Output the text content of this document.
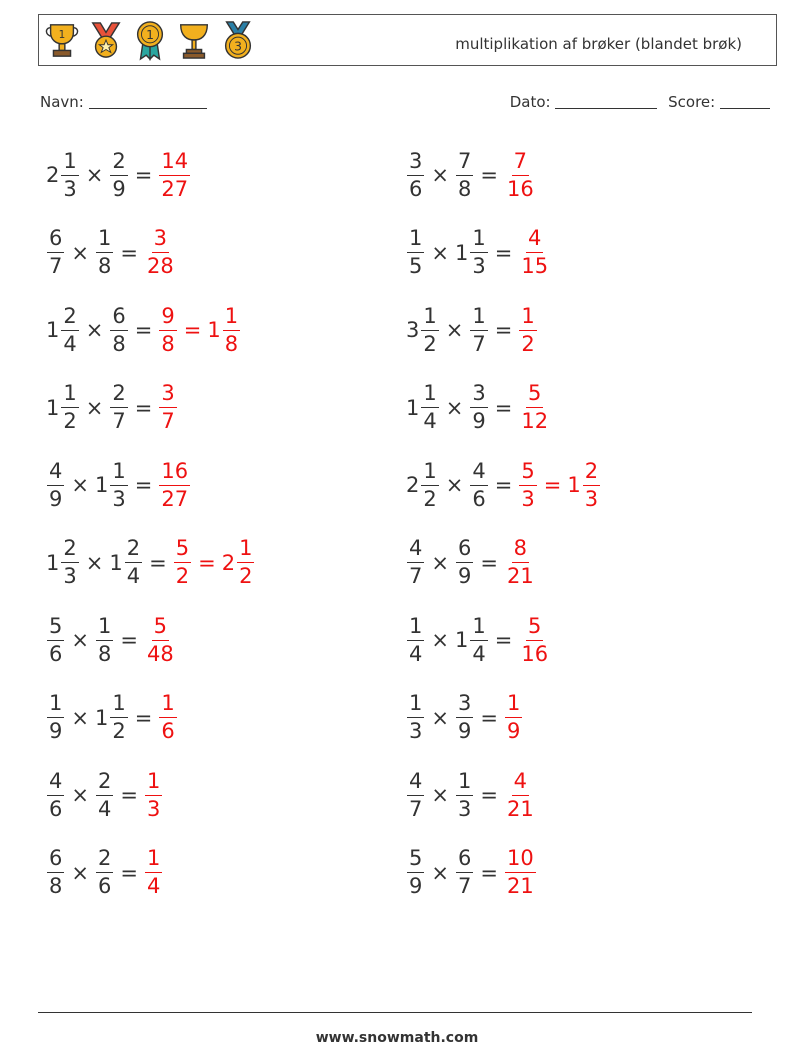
1	1
3	multiplikation af brøker (blandet brøk)
Navn:	Dato:	Score:
$2 \frac{1}{3} \times \frac{2}{9} = \frac{14}{27}$	$\frac{3}{6} \times \frac{7}{8} = \frac{7}{16}$
$\frac{6}{7} \times \frac{1}{8} = \frac{3}{28}$	$\frac{1}{5} \times 1 \frac{1}{3} = \frac{4}{15}$
$1 \frac{2}{4} \times \frac{6}{8} = \frac{9}{8} = 1 \frac{1}{8}$	$3 \frac{1}{2} \times \frac{1}{7} = \frac{1}{2}$
$1 \frac{1}{2} \times \frac{2}{7} = \frac{3}{7}$	$1 \frac{1}{4} \times \frac{3}{9} = \frac{5}{12}$
$\frac{4}{9} \times 1 \frac{1}{3} = \frac{16}{27}$	$2 \frac{1}{2} \times \frac{4}{6} = \frac{5}{3} = 1 \frac{2}{3}$
$1 \frac{2}{3} \times 1 \frac{2}{4} = \frac{5}{2} = 2 \frac{1}{2}$	$\frac{4}{7} \times \frac{6}{9} = \frac{8}{21}$
$\frac{5}{6} \times \frac{1}{8} = \frac{5}{48}$	$\frac{1}{4} \times 1 \frac{1}{4} = \frac{5}{16}$
$\frac{1}{9} \times 1 \frac{1}{2} = \frac{1}{6}$	$\frac{1}{3} \times \frac{3}{9} = \frac{1}{9}$
$\frac{4}{6} \times \frac{2}{4} = \frac{1}{3}$	$\frac{4}{7} \times \frac{1}{3} = \frac{4}{21}$
$\frac{6}{8} \times \frac{2}{6} = \frac{1}{4}$	$\frac{5}{9} \times \frac{6}{7} = \frac{10}{21}$
www.snowmath.com
